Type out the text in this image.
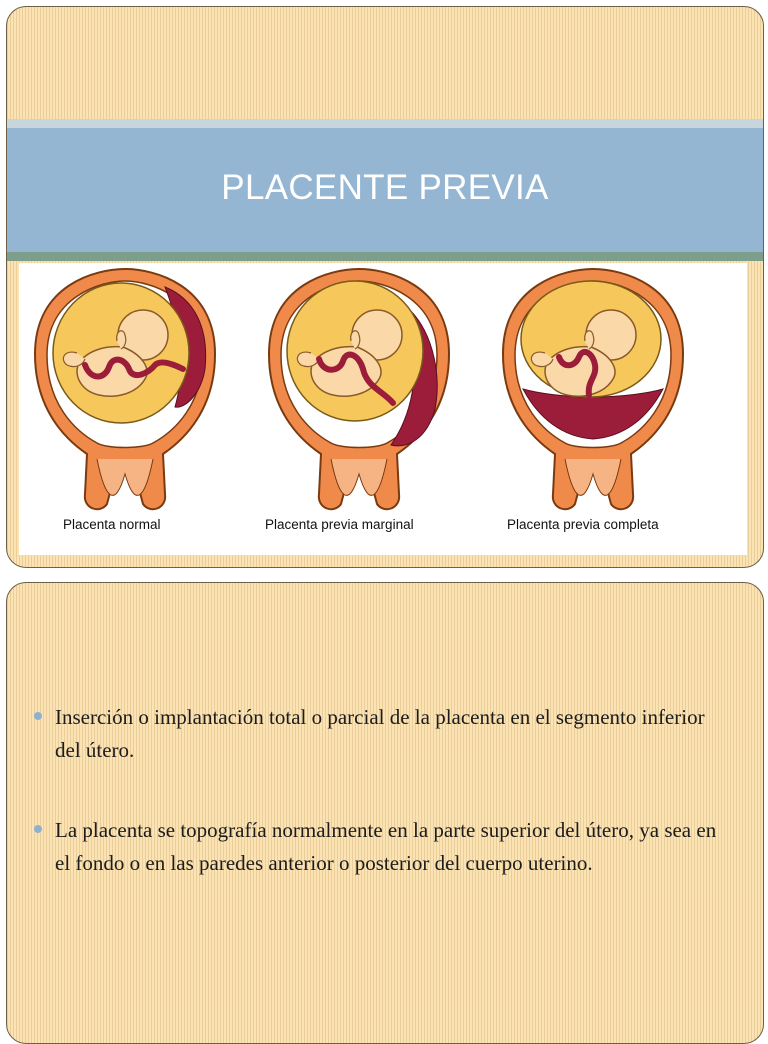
PLACENTE PREVIA
Placenta normal	Placenta previa marginal	Placenta previa completa
Inserción o implantación total o parcial de la placenta en el segmento inferior del útero.
La placenta se topografía normalmente en la parte superior del útero, ya sea en el fondo o en las paredes anterior o posterior del cuerpo uterino.
